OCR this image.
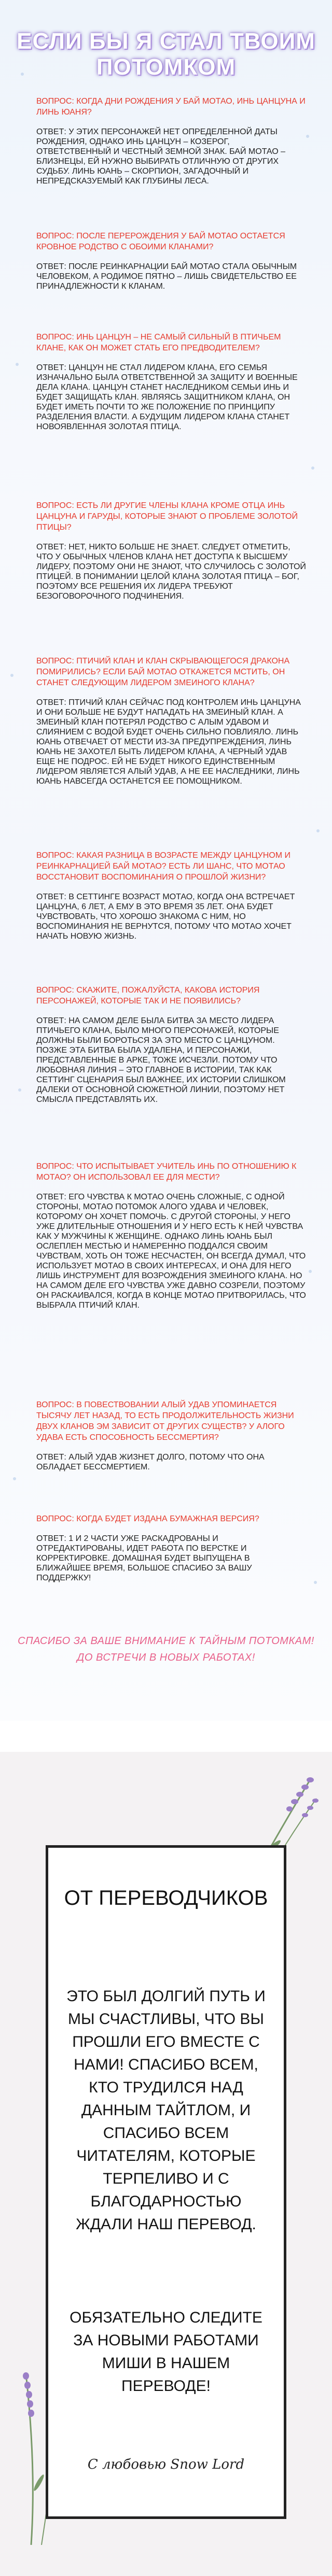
ЕСЛИ БЫ Я СТАЛ ТВОИМ ПОТОМКОМ

ВОПРОС: КОГДА ДНИ РОЖДЕНИЯ У БАЙ МОТАО, ИНЬ ЦАНЦУНА И ЛИНЬ ЮАНЯ?

ОТВЕТ: У ЭТИХ ПЕРСОНАЖЕЙ НЕТ ОПРЕДЕЛЕННОЙ ДАТЫ РОЖДЕНИЯ, ОДНАКО ИНЬ ЦАНЦУН – КОЗЕРОГ, ОТВЕТСТВЕННЫЙ И ЧЕСТНЫЙ ЗЕМНОЙ ЗНАК. БАЙ МОТАО – БЛИЗНЕЦЫ, ЕЙ НУЖНО ВЫБИРАТЬ ОТЛИЧНУЮ ОТ ДРУГИХ СУДЬБУ. ЛИНЬ ЮАНЬ – СКОРПИОН, ЗАГАДОЧНЫЙ И НЕПРЕДСКАЗУЕМЫЙ КАК ГЛУБИНЫ ЛЕСА.

ВОПРОС: ПОСЛЕ ПЕРЕРОЖДЕНИЯ У БАЙ МОТАО ОСТАЕТСЯ КРОВНОЕ РОДСТВО С ОБОИМИ КЛАНАМИ?

ОТВЕТ: ПОСЛЕ РЕИНКАРНАЦИИ БАЙ МОТАО СТАЛА ОБЫЧНЫМ ЧЕЛОВЕКОМ, А РОДИМОЕ ПЯТНО – ЛИШЬ СВИДЕТЕЛЬСТВО ЕЕ ПРИНАДЛЕЖНОСТИ К КЛАНАМ.

ВОПРОС: ИНЬ ЦАНЦУН – НЕ САМЫЙ СИЛЬНЫЙ В ПТИЧЬЕМ КЛАНЕ, КАК ОН МОЖЕТ СТАТЬ ЕГО ПРЕДВОДИТЕЛЕМ?

ОТВЕТ: ЦАНЦУН НЕ СТАЛ ЛИДЕРОМ КЛАНА, ЕГО СЕМЬЯ ИЗНАЧАЛЬНО БЫЛА ОТВЕТСТВЕННОЙ ЗА ЗАЩИТУ И ВОЕННЫЕ ДЕЛА КЛАНА. ЦАНЦУН СТАНЕТ НАСЛЕДНИКОМ СЕМЬИ ИНЬ И БУДЕТ ЗАЩИЩАТЬ КЛАН. ЯВЛЯЯСЬ ЗАЩИТНИКОМ КЛАНА, ОН БУДЕТ ИМЕТЬ ПОЧТИ ТО ЖЕ ПОЛОЖЕНИЕ ПО ПРИНЦИПУ РАЗДЕЛЕНИЯ ВЛАСТИ. А БУДУЩИМ ЛИДЕРОМ КЛАНА СТАНЕТ НОВОЯВЛЕННАЯ ЗОЛОТАЯ ПТИЦА.

ВОПРОС: ЕСТЬ ЛИ ДРУГИЕ ЧЛЕНЫ КЛАНА КРОМЕ ОТЦА ИНЬ ЦАНЦУНА И ГАРУДЫ, КОТОРЫЕ ЗНАЮТ О ПРОБЛЕМЕ ЗОЛОТОЙ ПТИЦЫ?

ОТВЕТ: НЕТ, НИКТО БОЛЬШЕ НЕ ЗНАЕТ. СЛЕДУЕТ ОТМЕТИТЬ, ЧТО У ОБЫЧНЫХ ЧЛЕНОВ КЛАНА НЕТ ДОСТУПА К ВЫСШЕМУ ЛИДЕРУ, ПОЭТОМУ ОНИ НЕ ЗНАЮТ, ЧТО СЛУЧИЛОСЬ С ЗОЛОТОЙ ПТИЦЕЙ. В ПОНИМАНИИ ЦЕЛОЙ КЛАНА ЗОЛОТАЯ ПТИЦА – БОГ, ПОЭТОМУ ВСЕ РЕШЕНИЯ ИХ ЛИДЕРА ТРЕБУЮТ БЕЗОГОВОРОЧНОГО ПОДЧИНЕНИЯ.

ВОПРОС: ПТИЧИЙ КЛАН И КЛАН СКРЫВАЮЩЕГОСЯ ДРАКОНА ПОМИРИЛИСЬ? ЕСЛИ БАЙ МОТАО ОТКАЖЕТСЯ МСТИТЬ, ОН СТАНЕТ СЛЕДУЮЩИМ ЛИДЕРОМ ЗМЕИНОГО КЛАНА?

ОТВЕТ: ПТИЧИЙ КЛАН СЕЙЧАС ПОД КОНТРОЛЕМ ИНЬ ЦАНЦУНА И ОНИ БОЛЬШЕ НЕ БУДУТ НАПАДАТЬ НА ЗМЕИНЫЙ КЛАН. А ЗМЕИНЫЙ КЛАН ПОТЕРЯЛ РОДСТВО С АЛЫМ УДАВОМ И СЛИЯНИЕМ С ВОДОЙ БУДЕТ ОЧЕНЬ СИЛЬНО ПОВЛИЯЛО. ЛИНЬ ЮАНЬ ОТВЕЧАЕТ ОТ МЕСТИ ИЗ-ЗА ПРЕДУПРЕЖДЕНИЯ, ЛИНЬ ЮАНЬ НЕ ЗАХОТЕЛ БЫТЬ ЛИДЕРОМ КЛАНА, А ЧЕРНЫЙ УДАВ ЕЩЕ НЕ ПОДРОС. ЕЙ НЕ БУДЕТ НИКОГО ЕДИНСТВЕННЫМ ЛИДЕРОМ ЯВЛЯЕТСЯ АЛЫЙ УДАВ, А НЕ ЕЕ НАСЛЕДНИКИ, ЛИНЬ ЮАНЬ НАВСЕГДА ОСТАНЕТСЯ ЕЕ ПОМОЩНИКОМ.

ВОПРОС: КАКАЯ РАЗНИЦА В ВОЗРАСТЕ МЕЖДУ ЦАНЦУНОМ И РЕИНКАРНАЦИЕЙ БАЙ МОТАО? ЕСТЬ ЛИ ШАНС, ЧТО МОТАО ВОССТАНОВИТ ВОСПОМИНАНИЯ О ПРОШЛОЙ ЖИЗНИ?

ОТВЕТ: В СЕТТИНГЕ ВОЗРАСТ МОТАО, КОГДА ОНА ВСТРЕЧАЕТ ЦАНЦУНА, 6 ЛЕТ, А ЕМУ В ЭТО ВРЕМЯ 35 ЛЕТ. ОНА БУДЕТ ЧУВСТВОВАТЬ, ЧТО ХОРОШО ЗНАКОМА С НИМ, НО ВОСПОМИНАНИЯ НЕ ВЕРНУТСЯ, ПОТОМУ ЧТО МОТАО ХОЧЕТ НАЧАТЬ НОВУЮ ЖИЗНЬ.

ВОПРОС: СКАЖИТЕ, ПОЖАЛУЙСТА, КАКОВА ИСТОРИЯ ПЕРСОНАЖЕЙ, КОТОРЫЕ ТАК И НЕ ПОЯВИЛИСЬ?

ОТВЕТ: НА САМОМ ДЕЛЕ БЫЛА БИТВА ЗА МЕСТО ЛИДЕРА ПТИЧЬЕГО КЛАНА, БЫЛО МНОГО ПЕРСОНАЖЕЙ, КОТОРЫЕ ДОЛЖНЫ БЫЛИ БОРОТЬСЯ ЗА ЭТО МЕСТО С ЦАНЦУНОМ. ПОЗЖЕ ЭТА БИТВА БЫЛА УДАЛЕНА, И ПЕРСОНАЖИ, ПРЕДСТАВЛЕННЫЕ В АРКЕ, ТОЖЕ ИСЧЕЗЛИ. ПОТОМУ ЧТО ЛЮБОВНАЯ ЛИНИЯ – ЭТО ГЛАВНОЕ В ИСТОРИИ, ТАК КАК СЕТТИНГ СЦЕНАРИЯ БЫЛ ВАЖНЕЕ, ИХ ИСТОРИИ СЛИШКОМ ДАЛЕКИ ОТ ОСНОВНОЙ СЮЖЕТНОЙ ЛИНИИ, ПОЭТОМУ НЕТ СМЫСЛА ПРЕДСТАВЛЯТЬ ИХ.

ВОПРОС: ЧТО ИСПЫТЫВАЕТ УЧИТЕЛЬ ИНЬ ПО ОТНОШЕНИЮ К МОТАО? ОН ИСПОЛЬЗОВАЛ ЕЕ ДЛЯ МЕСТИ?

ОТВЕТ: ЕГО ЧУВСТВА К МОТАО ОЧЕНЬ СЛОЖНЫЕ, С ОДНОЙ СТОРОНЫ, МОТАО ПОТОМОК АЛОГО УДАВА И ЧЕЛОВЕК, КОТОРОМУ ОН ХОЧЕТ ПОМОЧЬ. С ДРУГОЙ СТОРОНЫ, У НЕГО УЖЕ ДЛИТЕЛЬНЫЕ ОТНОШЕНИЯ И У НЕГО ЕСТЬ К НЕЙ ЧУВСТВА КАК У МУЖЧИНЫ К ЖЕНЩИНЕ. ОДНАКО ЛИНЬ ЮАНЬ БЫЛ ОСЛЕПЛЕН МЕСТЬЮ И НАМЕРЕННО ПОДДАЛСЯ СВОИМ ЧУВСТВАМ, ХОТЬ ОН ТОЖЕ НЕСЧАСТЕН, ОН ВСЕГДА ДУМАЛ, ЧТО ИСПОЛЬЗУЕТ МОТАО В СВОИХ ИНТЕРЕСАХ, И ОНА ДЛЯ НЕГО ЛИШЬ ИНСТРУМЕНТ ДЛЯ ВОЗРОЖДЕНИЯ ЗМЕИНОГО КЛАНА. НО НА САМОМ ДЕЛЕ ЕГО ЧУВСТВА УЖЕ ДАВНО СОЗРЕЛИ, ПОЭТОМУ ОН РАСКАИВАЛСЯ, КОГДА В КОНЦЕ МОТАО ПРИТВОРИЛАСЬ, ЧТО ВЫБРАЛА ПТИЧИЙ КЛАН.

ВОПРОС: В ПОВЕСТВОВАНИИ АЛЫЙ УДАВ УПОМИНАЕТСЯ ТЫСЯЧУ ЛЕТ НАЗАД, ТО ЕСТЬ ПРОДОЛЖИТЕЛЬНОСТЬ ЖИЗНИ ДВУХ КЛАНОВ ЭМ ЗАВИСИТ ОТ ДРУГИХ СУЩЕСТВ? У АЛОГО УДАВА ЕСТЬ СПОСОБНОСТЬ БЕССМЕРТИЯ?

ОТВЕТ: АЛЫЙ УДАВ ЖИЗНЕТ ДОЛГО, ПОТОМУ ЧТО ОНА ОБЛАДАЕТ БЕССМЕРТИЕМ.

ВОПРОС: КОГДА БУДЕТ ИЗДАНА БУМАЖНАЯ ВЕРСИЯ?

ОТВЕТ: 1 И 2 ЧАСТИ УЖЕ РАСКАДРОВАНЫ И ОТРЕДАКТИРОВАНЫ, ИДЕТ РАБОТА ПО ВЕРСТКЕ И КОРРЕКТИРОВКЕ. ДОМАШНАЯ БУДЕТ ВЫПУЩЕНА В БЛИЖАЙШЕЕ ВРЕМЯ, БОЛЬШОЕ СПАСИБО ЗА ВАШУ ПОДДЕРЖКУ!

СПАСИБО ЗА ВАШЕ ВНИМАНИЕ К ТАЙНЫМ ПОТОМКАМ!
ДО ВСТРЕЧИ В НОВЫХ РАБОТАХ!
ОТ ПЕРЕВОДЧИКОВ
ЭТО БЫЛ ДОЛГИЙ ПУТЬ И МЫ СЧАСТЛИВЫ, ЧТО ВЫ ПРОШЛИ ЕГО ВМЕСТЕ С НАМИ! СПАСИБО ВСЕМ, КТО ТРУДИЛСЯ НАД ДАННЫМ ТАЙТЛОМ, И СПАСИБО ВСЕМ ЧИТАТЕЛЯМ, КОТОРЫЕ ТЕРПЕЛИВО И С БЛАГОДАРНОСТЬЮ ЖДАЛИ НАШ ПЕРЕВОД.
ОБЯЗАТЕЛЬНО СЛЕДИТЕ ЗА НОВЫМИ РАБОТАМИ МИШИ В НАШЕМ ПЕРЕВОДЕ!
С любовью Snow Lord
